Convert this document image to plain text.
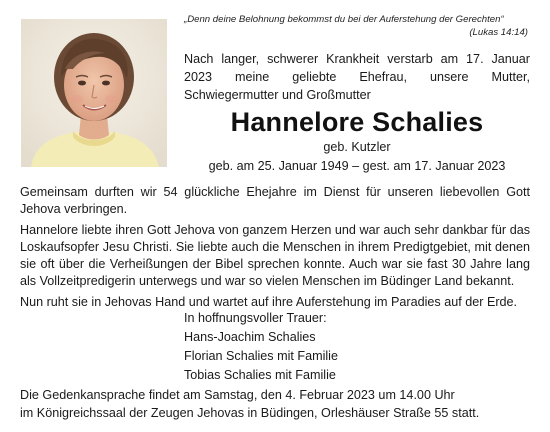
„Denn deine Belohnung bekommst du bei der Auferstehung der Gerechten“
(Lukas 14:14)
Nach langer, schwerer Krankheit verstarb am 17. Januar 2023 meine geliebte Ehefrau, unsere Mutter, Schwiegermutter und Großmutter
Hannelore Schalies
geb. Kutzler
geb. am 25. Januar 1949 – gest. am 17. Januar 2023

Gemeinsam durften wir 54 glückliche Ehejahre im Dienst für unseren liebevollen Gott Jehova verbringen.

Hannelore liebte ihren Gott Jehova von ganzem Herzen und war auch sehr dankbar für das Loskaufsopfer Jesu Christi. Sie liebte auch die Menschen in ihrem Predigtgebiet, mit denen sie oft über die Verheißungen der Bibel sprechen konnte. Auch war sie fast 30 Jahre lang als Vollzeitpredigerin unterwegs und war so vielen Menschen im Büdinger Land bekannt.

Nun ruht sie in Jehovas Hand und wartet auf ihre Auferstehung im Paradies auf der Erde.

In hoffnungsvoller Trauer:
Hans-Joachim Schalies
Florian Schalies mit Familie
Tobias Schalies mit Familie
Die Gedenkansprache findet am Samstag, den 4. Februar 2023 um 14.00 Uhr
im Königreichssaal der Zeugen Jehovas in Büdingen, Orleshäuser Straße 55 statt.
